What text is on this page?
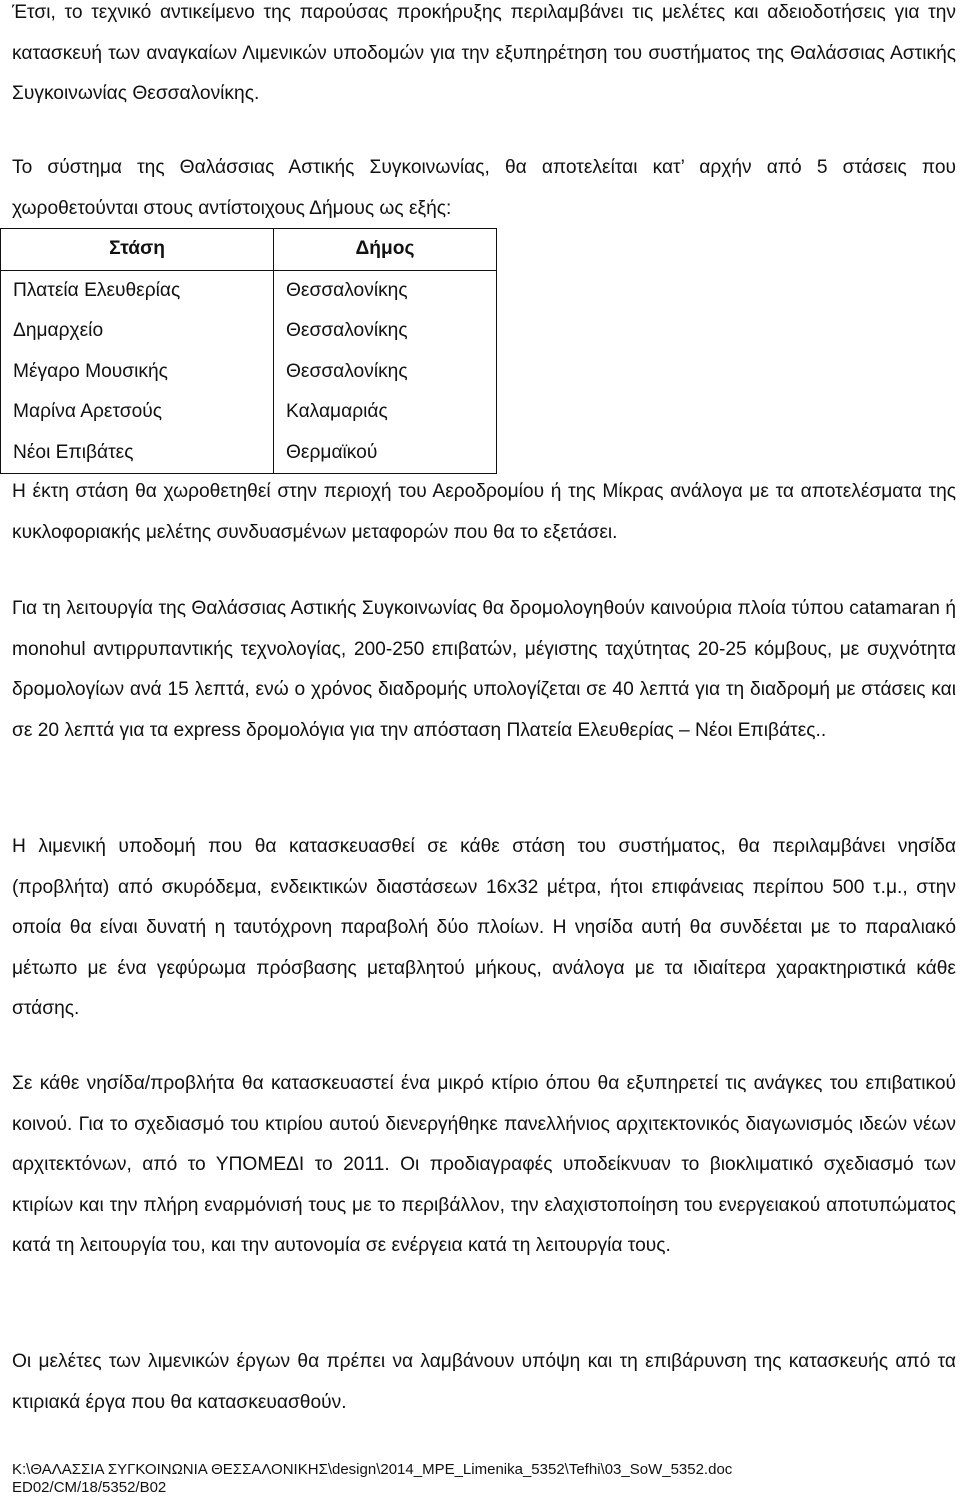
Έτσι, το τεχνικό αντικείμενο της παρούσας προκήρυξης περιλαμβάνει τις μελέτες και αδειοδοτήσεις για την κατασκευή των αναγκαίων Λιμενικών υποδομών για την εξυπηρέτηση του συστήματος της Θαλάσσιας Αστικής Συγκοινωνίας Θεσσαλονίκης.

Το σύστημα της Θαλάσσιας Αστικής Συγκοινωνίας, θα αποτελείται κατ’ αρχήν από 5 στάσεις που χωροθετούνται στους αντίστοιχους Δήμους ως εξής:

Στάση	Δήμος
Πλατεία Ελευθερίας	Θεσσαλονίκης
Δημαρχείο	Θεσσαλονίκης
Μέγαρο Μουσικής	Θεσσαλονίκης
Μαρίνα Αρετσούς	Καλαμαριάς
Νέοι Επιβάτες	Θερμαϊκού

Η έκτη στάση θα χωροθετηθεί στην περιοχή του Αεροδρομίου ή της Μίκρας ανάλογα με τα αποτελέσματα της κυκλοφοριακής μελέτης συνδυασμένων μεταφορών που θα το εξετάσει.

Για τη λειτουργία της Θαλάσσιας Αστικής Συγκοινωνίας θα δρομολογηθούν καινούρια πλοία τύπου catamaran ή monohul αντιρρυπαντικής τεχνολογίας, 200-250 επιβατών, μέγιστης ταχύτητας 20-25 κόμβους, με συχνότητα δρομολογίων ανά 15 λεπτά, ενώ ο χρόνος διαδρομής υπολογίζεται σε 40 λεπτά για τη διαδρομή με στάσεις και σε 20 λεπτά για τα express δρομολόγια για την απόσταση Πλατεία Ελευθερίας – Νέοι Επιβάτες..

Η λιμενική υποδομή που θα κατασκευασθεί σε κάθε στάση του συστήματος, θα περιλαμβάνει νησίδα (προβλήτα) από σκυρόδεμα, ενδεικτικών διαστάσεων 16x32 μέτρα, ήτοι επιφάνειας περίπου 500 τ.μ., στην οποία θα είναι δυνατή η ταυτόχρονη παραβολή δύο πλοίων. Η νησίδα αυτή θα συνδέεται με το παραλιακό μέτωπο με ένα γεφύρωμα πρόσβασης μεταβλητού μήκους, ανάλογα με τα ιδιαίτερα χαρακτηριστικά κάθε στάσης.

Σε κάθε νησίδα/προβλήτα θα κατασκευαστεί ένα μικρό κτίριο όπου θα εξυπηρετεί τις ανάγκες του επιβατικού κοινού. Για το σχεδιασμό του κτιρίου αυτού διενεργήθηκε πανελλήνιος αρχιτεκτονικός διαγωνισμός ιδεών νέων αρχιτεκτόνων, από το ΥΠΟΜΕΔΙ το 2011. Οι προδιαγραφές υποδείκνυαν το βιοκλιματικό σχεδιασμό των κτιρίων και την πλήρη εναρμόνισή τους με το περιβάλλον, την ελαχιστοποίηση του ενεργειακού αποτυπώματος κατά τη λειτουργία του, και την αυτονομία σε ενέργεια κατά τη λειτουργία τους.

Οι μελέτες των λιμενικών έργων θα πρέπει να λαμβάνουν υπόψη και τη επιβάρυνση της κατασκευής από τα κτιριακά έργα που θα κατασκευασθούν.

K:\ΘΑΛΑΣΣΙΑ ΣΥΓΚΟΙΝΩΝΙΑ ΘΕΣΣΑΛΟΝΙΚΗΣ\design\2014_MPE_Limenika_5352\Tefhi\03_SoW_5352.doc
ED02/CM/18/5352/B02
